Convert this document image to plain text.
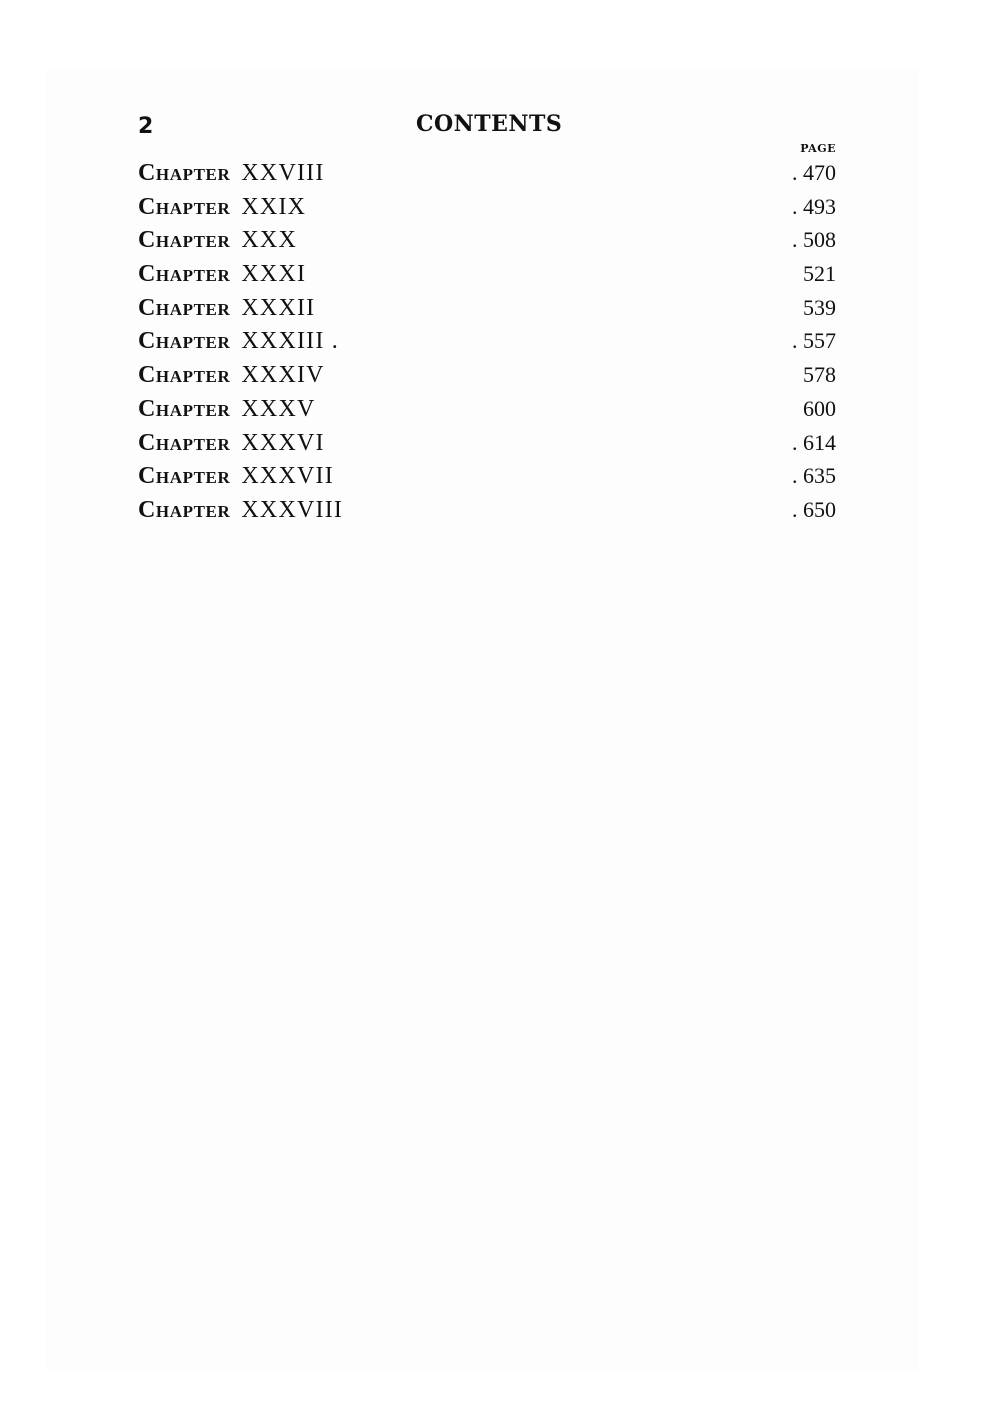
2	CONTENTS
PAGE
Chapter XXVIII	. 470
Chapter XXIX	. 493
Chapter XXX	. 508
Chapter XXXI	521
Chapter XXXII	539
Chapter XXXIII .	. 557
Chapter XXXIV	578
Chapter XXXV	600
Chapter XXXVI	. 614
Chapter XXXVII	. 635
Chapter XXXVIII	. 650
